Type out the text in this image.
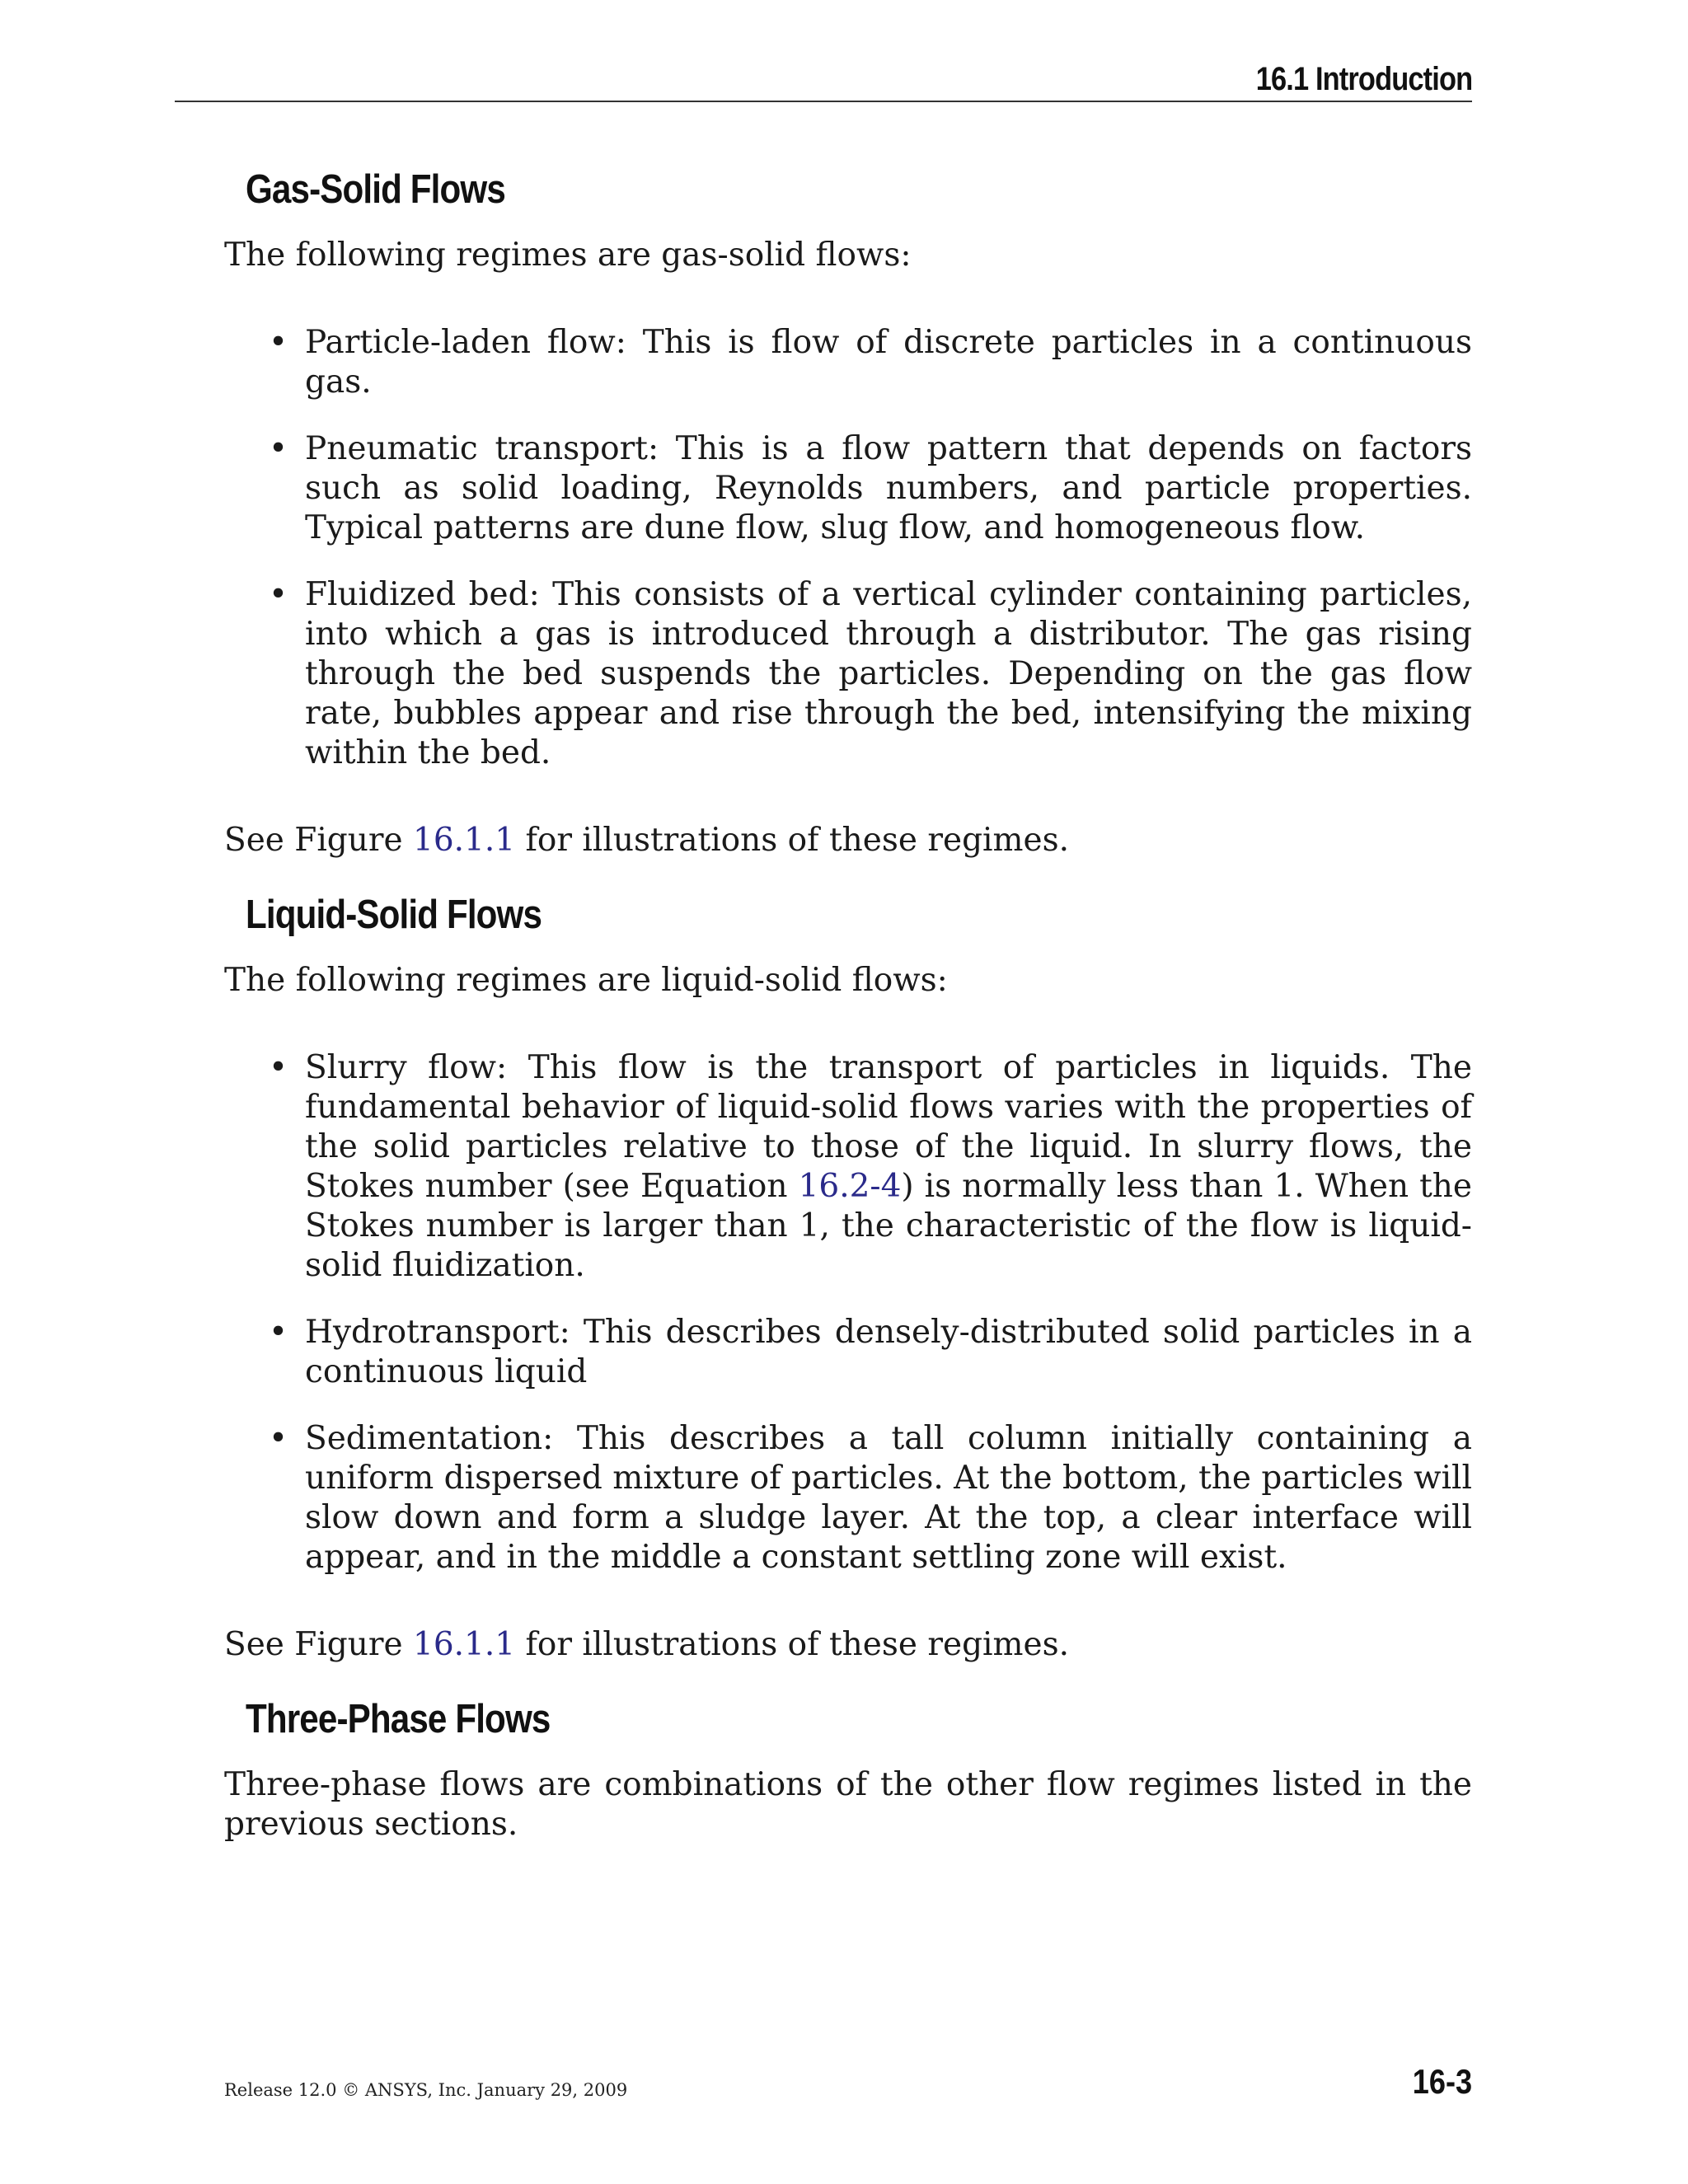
16.1 Introduction
Gas-Solid Flows

The following regimes are gas-solid flows:

• Particle-laden flow: This is flow of discrete particles in a continuous gas.
• Pneumatic transport: This is a flow pattern that depends on factors such as solid loading, Reynolds numbers, and particle properties. Typical patterns are dune flow, slug flow, and homogeneous flow.
• Fluidized bed: This consists of a vertical cylinder containing particles, into which a gas is introduced through a distributor. The gas rising through the bed suspends the particles. Depending on the gas flow rate, bubbles appear and rise through the bed, intensifying the mixing within the bed.

See Figure 16.1.1 for illustrations of these regimes.

Liquid-Solid Flows

The following regimes are liquid-solid flows:

• Slurry flow: This flow is the transport of particles in liquids. The fundamental behavior of liquid-solid flows varies with the properties of the solid particles relative to those of the liquid. In slurry flows, the Stokes number (see Equation 16.2-4) is normally less than 1. When the Stokes number is larger than 1, the characteristic of the flow is liquid-solid fluidization.
• Hydrotransport: This describes densely-distributed solid particles in a continuous liquid
• Sedimentation: This describes a tall column initially containing a uniform dispersed mixture of particles. At the bottom, the particles will slow down and form a sludge layer. At the top, a clear interface will appear, and in the middle a constant settling zone will exist.

See Figure 16.1.1 for illustrations of these regimes.

Three-Phase Flows

Three-phase flows are combinations of the other flow regimes listed in the previous sections.

Release 12.0 © ANSYS, Inc. January 29, 2009	16-3
